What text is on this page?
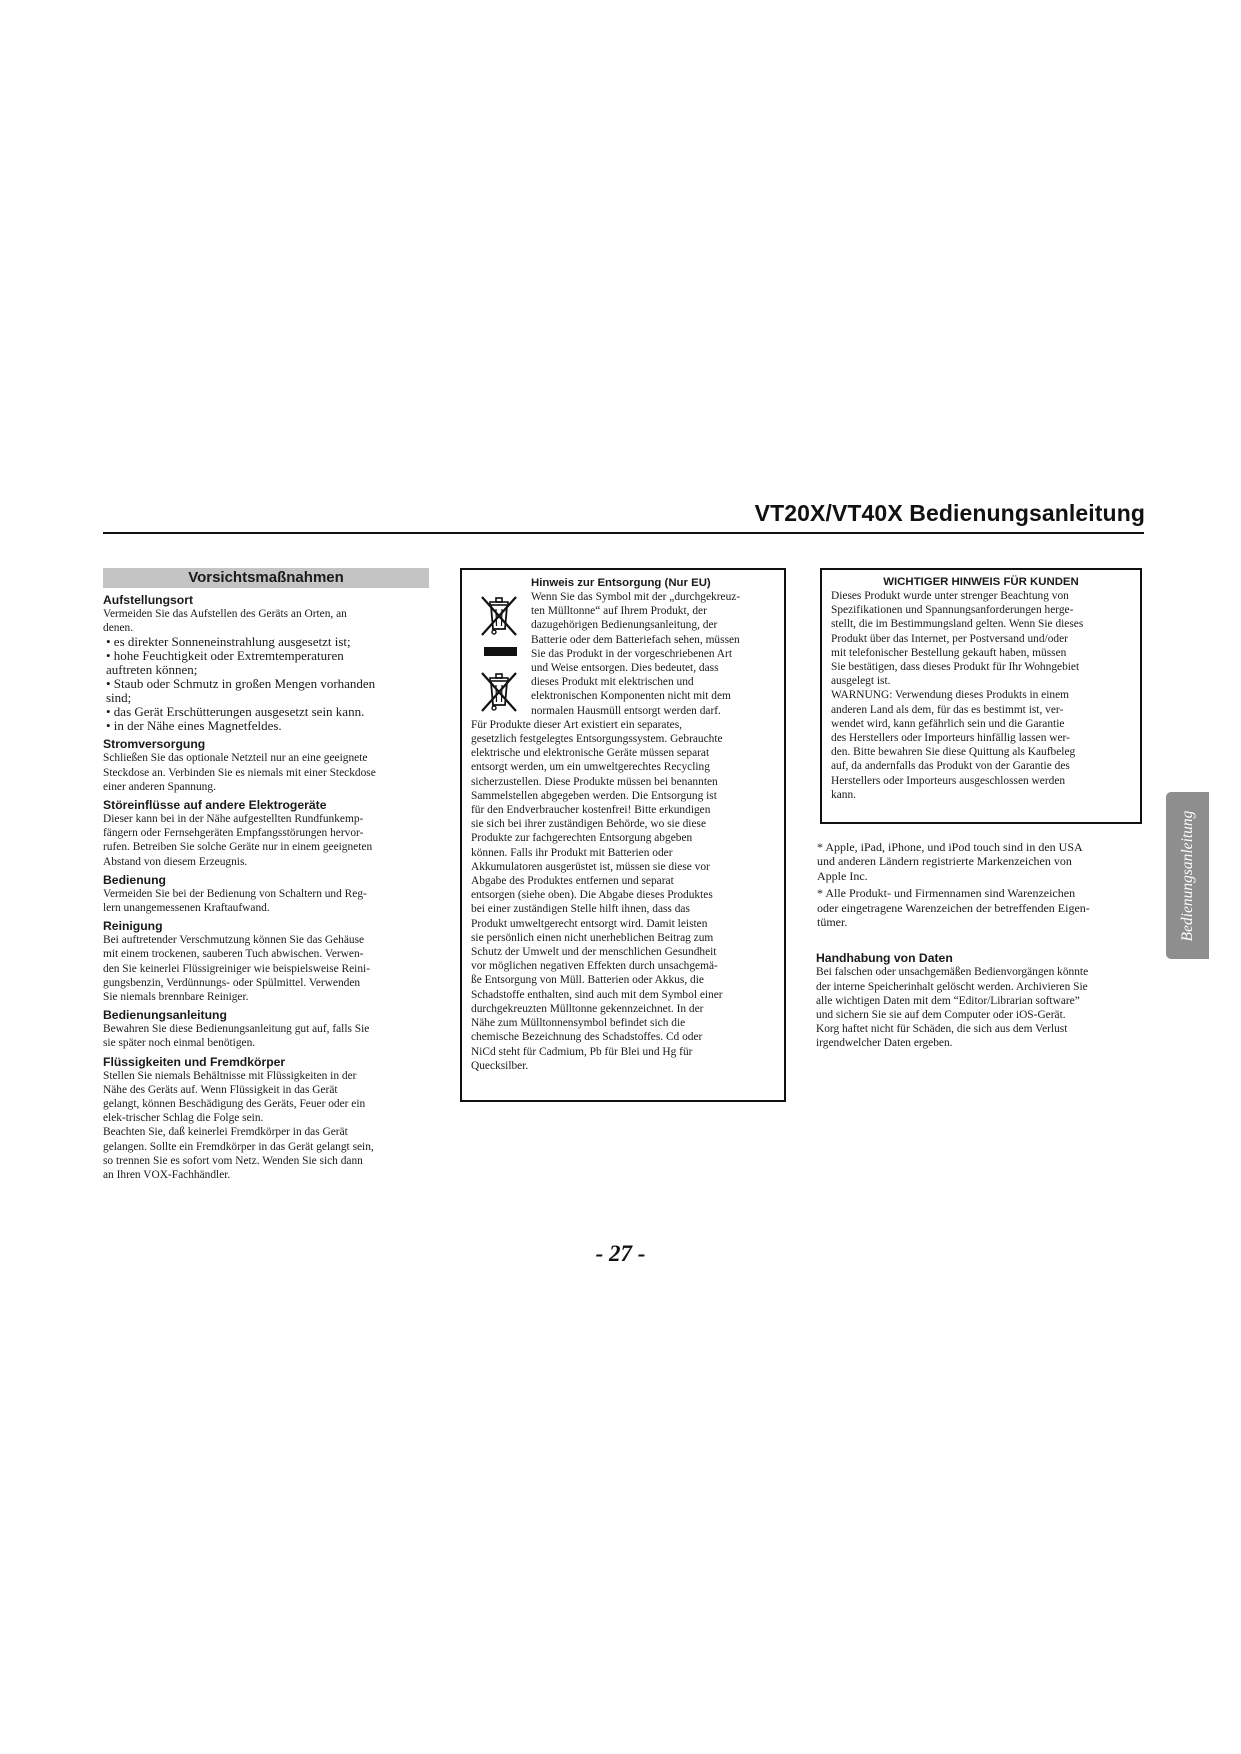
VT20X/VT40X Bedienungsanleitung
Vorsichtsmaßnahmen
Aufstellungsort
Vermeiden Sie das Aufstellen des Geräts an Orten, an
denen.
• es direkter Sonneneinstrahlung ausgesetzt ist;
• hohe Feuchtigkeit oder Extremtemperaturen
auftreten können;
• Staub oder Schmutz in großen Mengen vorhanden
sind;
• das Gerät Erschütterungen ausgesetzt sein kann.
• in der Nähe eines Magnetfeldes.
Stromversorgung
Schließen Sie das optionale Netzteil nur an eine geeignete
Steckdose an. Verbinden Sie es niemals mit einer Steckdose
einer anderen Spannung.
Störeinflüsse auf andere Elektrogeräte
Dieser kann bei in der Nähe aufgestellten Rundfunkemp-
fängern oder Fernsehgeräten Empfangsstörungen hervor-
rufen. Betreiben Sie solche Geräte nur in einem geeigneten
Abstand von diesem Erzeugnis.
Bedienung
Vermeiden Sie bei der Bedienung von Schaltern und Reg-
lern unangemessenen Kraftaufwand.
Reinigung
Bei auftretender Verschmutzung können Sie das Gehäuse
mit einem trockenen, sauberen Tuch abwischen. Verwen-
den Sie keinerlei Flüssigreiniger wie beispielsweise Reini-
gungsbenzin, Verdünnungs- oder Spülmittel. Verwenden
Sie niemals brennbare Reiniger.
Bedienungsanleitung
Bewahren Sie diese Bedienungsanleitung gut auf, falls Sie
sie später noch einmal benötigen.
Flüssigkeiten und Fremdkörper
Stellen Sie niemals Behältnisse mit Flüssigkeiten in der
Nähe des Geräts auf. Wenn Flüssigkeit in das Gerät
gelangt, können Beschädigung des Geräts, Feuer oder ein
elek-trischer Schlag die Folge sein.
Beachten Sie, daß keinerlei Fremdkörper in das Gerät
gelangen. Sollte ein Fremdkörper in das Gerät gelangt sein,
so trennen Sie es sofort vom Netz. Wenden Sie sich dann
an Ihren VOX-Fachhändler.
Hinweis zur Entsorgung (Nur EU)
Wenn Sie das Symbol mit der „durchgekreuz-
ten Mülltonne“ auf Ihrem Produkt, der
dazugehörigen Bedienungsanleitung, der
Batterie oder dem Batteriefach sehen, müssen
Sie das Produkt in der vorgeschriebenen Art
und Weise entsorgen. Dies bedeutet, dass
dieses Produkt mit elektrischen und
elektronischen Komponenten nicht mit dem
normalen Hausmüll entsorgt werden darf.
Für Produkte dieser Art existiert ein separates,
gesetzlich festgelegtes Entsorgungssystem. Gebrauchte
elektrische und elektronische Geräte müssen separat
entsorgt werden, um ein umweltgerechtes Recycling
sicherzustellen. Diese Produkte müssen bei benannten
Sammelstellen abgegeben werden. Die Entsorgung ist
für den Endverbraucher kostenfrei! Bitte erkundigen
sie sich bei ihrer zuständigen Behörde, wo sie diese
Produkte zur fachgerechten Entsorgung abgeben
können. Falls ihr Produkt mit Batterien oder
Akkumulatoren ausgerüstet ist, müssen sie diese vor
Abgabe des Produktes entfernen und separat
entsorgen (siehe oben). Die Abgabe dieses Produktes
bei einer zuständigen Stelle hilft ihnen, dass das
Produkt umweltgerecht entsorgt wird. Damit leisten
sie persönlich einen nicht unerheblichen Beitrag zum
Schutz der Umwelt und der menschlichen Gesundheit
vor möglichen negativen Effekten durch unsachgemä-
ße Entsorgung von Müll. Batterien oder Akkus, die
Schadstoffe enthalten, sind auch mit dem Symbol einer
durchgekreuzten Mülltonne gekennzeichnet. In der
Nähe zum Mülltonnensymbol befindet sich die
chemische Bezeichnung des Schadstoffes. Cd oder
NiCd steht für Cadmium, Pb für Blei und Hg für
Quecksilber.
WICHTIGER HINWEIS FÜR KUNDEN
Dieses Produkt wurde unter strenger Beachtung von
Spezifikationen und Spannungsanforderungen herge-
stellt, die im Bestimmungsland gelten. Wenn Sie dieses
Produkt über das Internet, per Postversand und/oder
mit telefonischer Bestellung gekauft haben, müssen
Sie bestätigen, dass dieses Produkt für Ihr Wohngebiet
ausgelegt ist.
WARNUNG: Verwendung dieses Produkts in einem
anderen Land als dem, für das es bestimmt ist, ver-
wendet wird, kann gefährlich sein und die Garantie
des Herstellers oder Importeurs hinfällig lassen wer-
den. Bitte bewahren Sie diese Quittung als Kaufbeleg
auf, da andernfalls das Produkt von der Garantie des
Herstellers oder Importeurs ausgeschlossen werden
kann.
* Apple, iPad, iPhone, und iPod touch sind in den USA
und anderen Ländern registrierte Markenzeichen von
Apple Inc.
* Alle Produkt- und Firmennamen sind Warenzeichen
oder eingetragene Warenzeichen der betreffenden Eigen-
tümer.
Handhabung von Daten
Bei falschen oder unsachgemäßen Bedienvorgängen könnte
der interne Speicherinhalt gelöscht werden. Archivieren Sie
alle wichtigen Daten mit dem “Editor/Librarian software”
und sichern Sie sie auf dem Computer oder iOS-Gerät.
Korg haftet nicht für Schäden, die sich aus dem Verlust
irgendwelcher Daten ergeben.
Bedienungsanleitung
- 27 -
